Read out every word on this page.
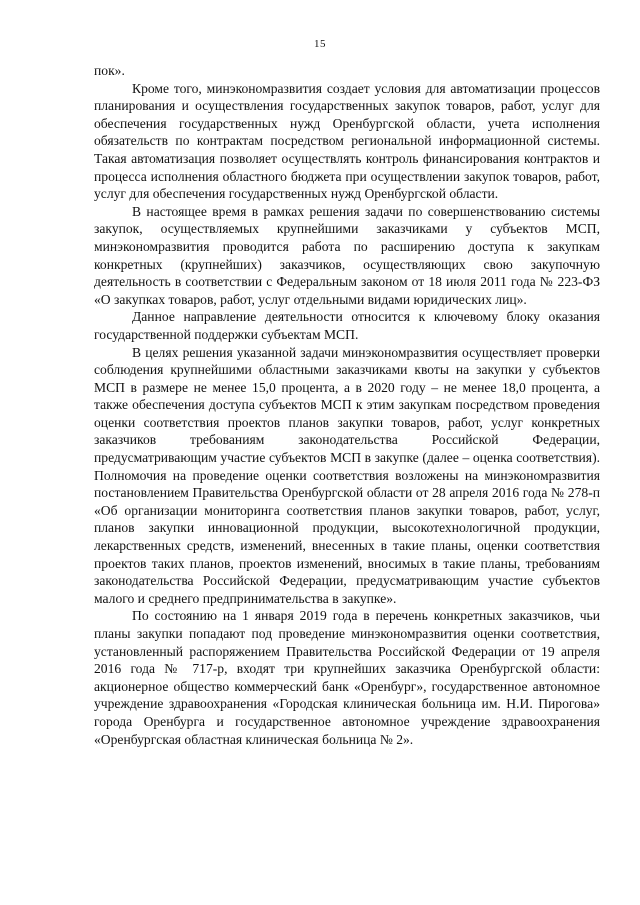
15

пок».

Кроме того, минэкономразвития создает условия для автоматизации процессов планирования и осуществления государственных закупок товаров, работ, услуг для обеспечения государственных нужд Оренбургской области, учета исполнения обязательств по контрактам посредством региональной информационной системы. Такая автоматизация позволяет осуществлять контроль финансирования контрактов и процесса исполнения областного бюджета при осуществлении закупок товаров, работ, услуг для обеспечения государственных нужд Оренбургской области.

В настоящее время в рамках решения задачи по совершенствованию системы закупок, осуществляемых крупнейшими заказчиками у субъектов МСП, минэкономразвития проводится работа по расширению доступа к закупкам конкретных (крупнейших) заказчиков, осуществляющих свою закупочную деятельность в соответствии с Федеральным законом от 18 июля 2011 года № 223-ФЗ «О закупках товаров, работ, услуг отдельными видами юридических лиц».

Данное направление деятельности относится к ключевому блоку оказания государственной поддержки субъектам МСП.

В целях решения указанной задачи минэкономразвития осуществляет проверки соблюдения крупнейшими областными заказчиками квоты на закупки у субъектов МСП в размере не менее 15,0 процента, а в 2020 году – не менее 18,0 процента, а также обеспечения доступа субъектов МСП к этим закупкам посредством проведения оценки соответствия проектов планов закупки товаров, работ, услуг конкретных заказчиков требованиям законодательства Российской Федерации, предусматривающим участие субъектов МСП в закупке (далее – оценка соответствия). Полномочия на проведение оценки соответствия возложены на минэкономразвития постановлением Правительства Оренбургской области от 28 апреля 2016 года № 278-п «Об организации мониторинга соответствия планов закупки товаров, работ, услуг, планов закупки инновационной продукции, высокотехнологичной продукции, лекарственных средств, изменений, внесенных в такие планы, оценки соответствия проектов таких планов, проектов изменений, вносимых в такие планы, требованиям законодательства Российской Федерации, предусматривающим участие субъектов малого и среднего предпринимательства в закупке».

По состоянию на 1 января 2019 года в перечень конкретных заказчиков, чьи планы закупки попадают под проведение минэкономразвития оценки соответствия, установленный распоряжением Правительства Российской Федерации от 19 апреля 2016 года № 717-р, входят три крупнейших заказчика Оренбургской области: акционерное общество коммерческий банк «Оренбург», государственное автономное учреждение здравоохранения «Городская клиническая больница им. Н.И. Пирогова» города Оренбурга и государственное автономное учреждение здравоохранения «Оренбургская областная клиническая больница № 2».
